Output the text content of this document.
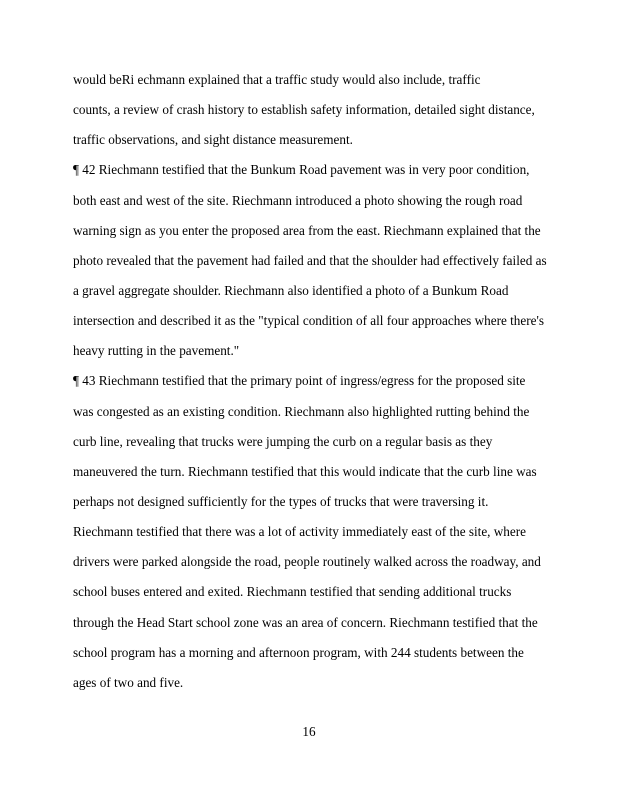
would beRi echmann explained that a traffic study would also include, traffic
counts, a review of crash history to establish safety information, detailed sight distance,
traffic observations, and sight distance measurement.
¶ 42 Riechmann testified that the Bunkum Road pavement was in very poor condition,
both east and west of the site. Riechmann introduced a photo showing the rough road
warning sign as you enter the proposed area from the east. Riechmann explained that the
photo revealed that the pavement had failed and that the shoulder had effectively failed as
a gravel aggregate shoulder. Riechmann also identified a photo of a Bunkum Road
intersection and described it as the "typical condition of all four approaches where there's
heavy rutting in the pavement."
¶ 43 Riechmann testified that the primary point of ingress/egress for the proposed site
was congested as an existing condition. Riechmann also highlighted rutting behind the
curb line, revealing that trucks were jumping the curb on a regular basis as they
maneuvered the turn. Riechmann testified that this would indicate that the curb line was
perhaps not designed sufficiently for the types of trucks that were traversing it.
Riechmann testified that there was a lot of activity immediately east of the site, where
drivers were parked alongside the road, people routinely walked across the roadway, and
school buses entered and exited. Riechmann testified that sending additional trucks
through the Head Start school zone was an area of concern. Riechmann testified that the
school program has a morning and afternoon program, with 244 students between the
ages of two and five.
16
